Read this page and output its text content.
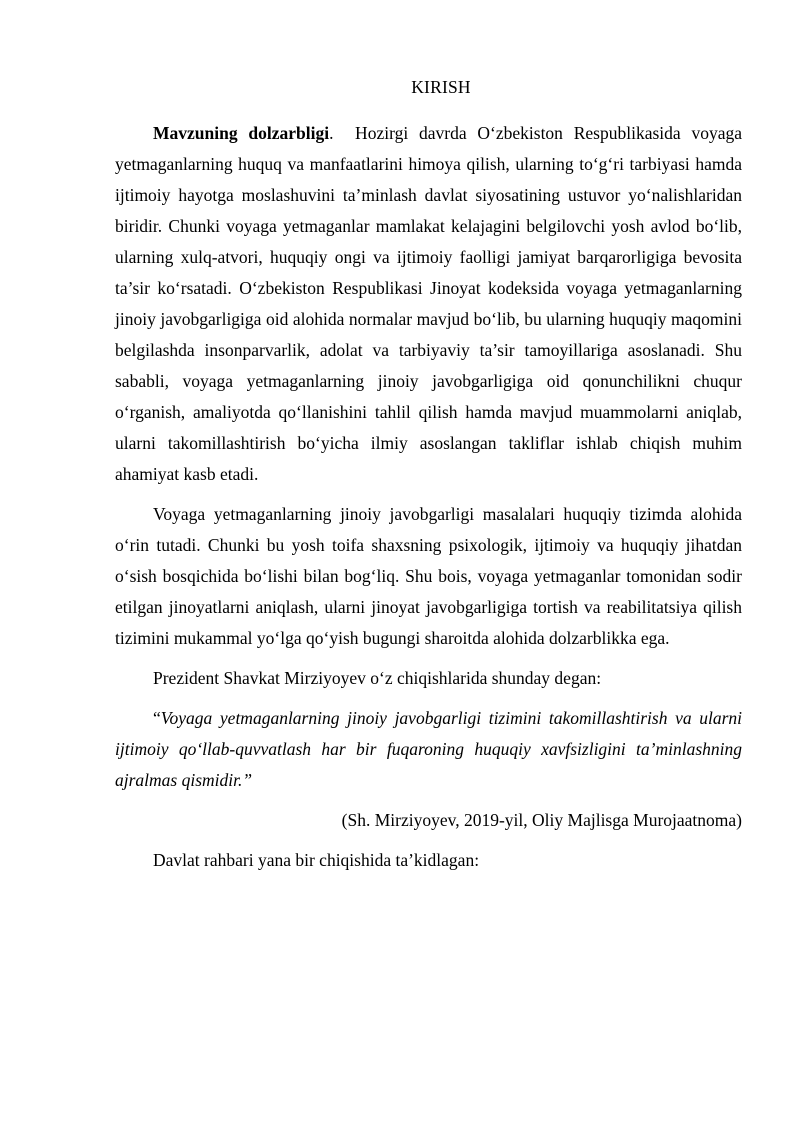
KIRISH

Mavzuning dolzarbligi.  Hozirgi davrda O‘zbekiston Respublikasida voyaga yetmaganlarning huquq va manfaatlarini himoya qilish, ularning to‘g‘ri tarbiyasi hamda ijtimoiy hayotga moslashuvini ta’minlash davlat siyosatining ustuvor yo‘nalishlaridan biridir. Chunki voyaga yetmaganlar mamlakat kelajagini belgilovchi yosh avlod bo‘lib, ularning xulq-atvori, huquqiy ongi va ijtimoiy faolligi jamiyat barqarorligiga bevosita ta’sir ko‘rsatadi. O‘zbekiston Respublikasi Jinoyat kodeksida voyaga yetmaganlarning jinoiy javobgarligiga oid alohida normalar mavjud bo‘lib, bu ularning huquqiy maqomini belgilashda insonparvarlik, adolat va tarbiyaviy ta’sir tamoyillariga asoslanadi. Shu sababli, voyaga yetmaganlarning jinoiy javobgarligiga oid qonunchilikni chuqur o‘rganish, amaliyotda qo‘llanishini tahlil qilish hamda mavjud muammolarni aniqlab, ularni takomillashtirish bo‘yicha ilmiy asoslangan takliflar ishlab chiqish muhim ahamiyat kasb etadi.

Voyaga yetmaganlarning jinoiy javobgarligi masalalari huquqiy tizimda alohida o‘rin tutadi. Chunki bu yosh toifa shaxsning psixologik, ijtimoiy va huquqiy jihatdan o‘sish bosqichida bo‘lishi bilan bog‘liq. Shu bois, voyaga yetmaganlar tomonidan sodir etilgan jinoyatlarni aniqlash, ularni jinoyat javobgarligiga tortish va reabilitatsiya qilish tizimini mukammal yo‘lga qo‘yish bugungi sharoitda alohida dolzarblikka ega.

Prezident Shavkat Mirziyoyev o‘z chiqishlarida shunday degan:

“Voyaga yetmaganlarning jinoiy javobgarligi tizimini takomillashtirish va ularni ijtimoiy qo‘llab-quvvatlash har bir fuqaroning huquqiy xavfsizligini ta’minlashning ajralmas qismidir.”

(Sh. Mirziyoyev, 2019-yil, Oliy Majlisga Murojaatnoma)

Davlat rahbari yana bir chiqishida ta’kidlagan:
